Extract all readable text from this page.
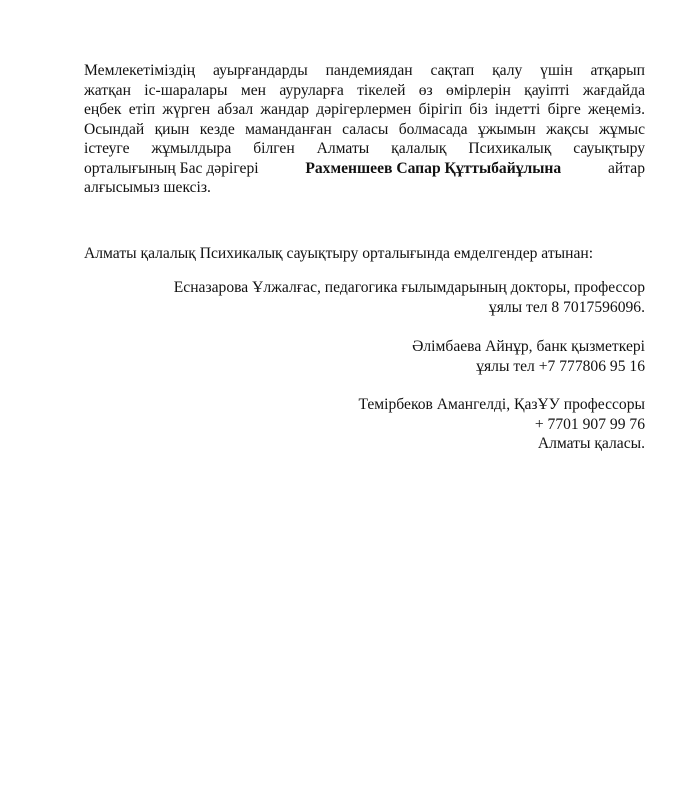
Мемлекетіміздің ауырғандарды пандемиядан сақтап қалу үшін атқарып
жатқан іс-шаралары мен ауруларға тікелей өз өмірлерін қауіпті жағдайда
еңбек етіп жүрген абзал жандар дәрігерлермен бірігіп біз індетті бірге жеңеміз.
Осындай қиын кезде маманданған саласы болмасада ұжымын жақсы жұмыс
істеуге жұмылдыра білген Алматы қалалық Психикалық сауықтыру
орталығының Бас дәрігері	Рахменшеев Сапар Құттыбайұлына	айтар
алғысымыз шексіз.
Алматы қалалық Психикалық сауықтыру орталығында емделгендер атынан:
Есназарова Ұлжалғас, педагогика ғылымдарының докторы, профессор
ұялы тел 8 7017596096.
Әлімбаева Айнұр, банк қызметкері
ұялы тел +7 777806 95 16
Темірбеков Амангелді, ҚазҰУ профессоры
+ 7701 907 99 76
Алматы қаласы.
